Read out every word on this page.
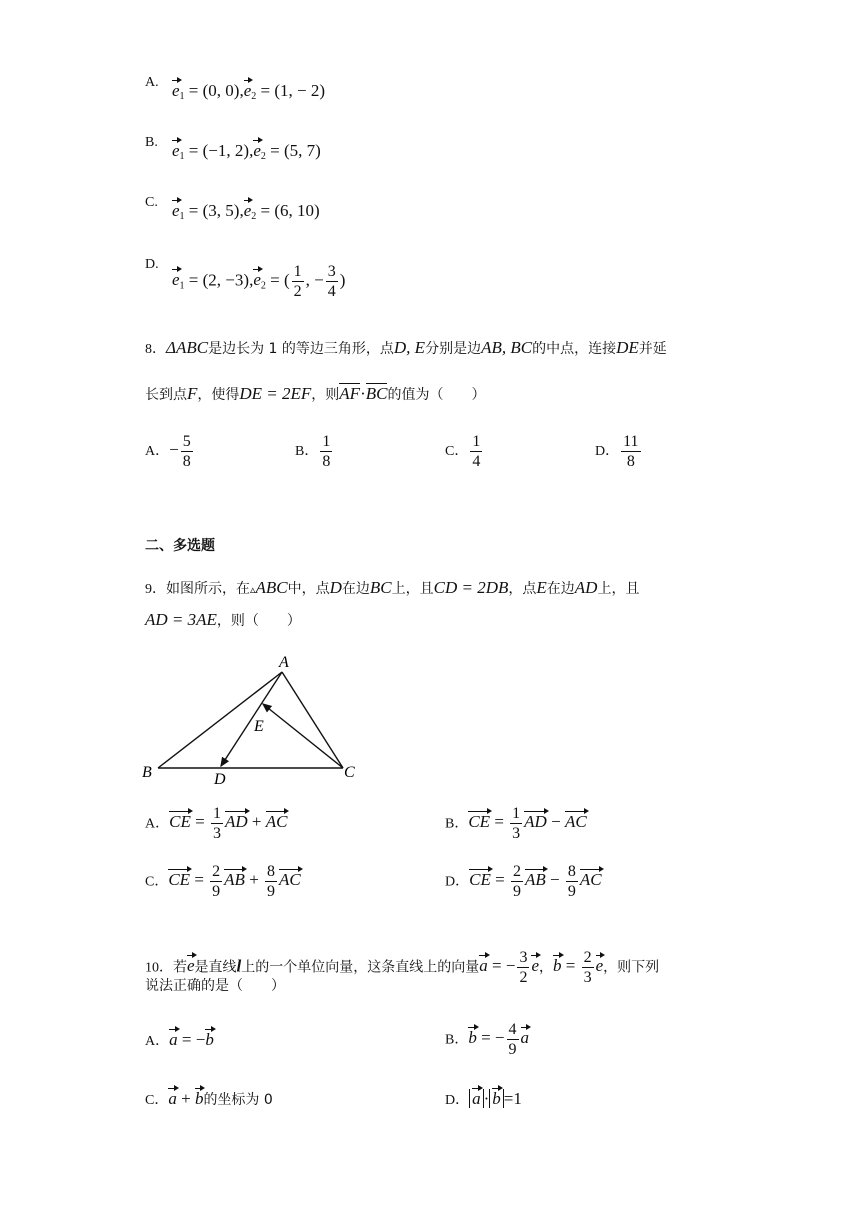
A. $e_1 = (0$, $0),e_2 = (1$, − 2)
B. $e_1 = (-1$, $2),e_2 = (5$, 7)
C. $e_1 = (3$, $5),e_2 = (6$, 10)
D.
$e_1 = (2$, $-3),e_2$ = ( $\frac{1}{2}$ , − $\frac{3}{4}$ )
8．ΔABC是边长为 1 的等边三角形，点D, E分别是边AB, BC的中点，连接DE并延
长到点F，使得DE = 2EF，则AF·BC的值为（　　）
A．− $\frac{5}{8}$	B． $\frac{1}{8}$	C． $\frac{1}{4}$	D． $\frac{11}{8}$
二、多选题
9．如图所示，在▵ABC中，点D在边BC上，且CD = 2DB，点E在边AD上，且
AD = 3AE，则（　　）
A
B	C
D
E
A．CE = $\frac{1}{3}$ AD + AC	B．CE = $\frac{1}{3}$ AD − AC
C．CE = $\frac{2}{9}$ AB + $\frac{8}{9}$ AC	D．CE = $\frac{2}{9}$ AB − $\frac{8}{9}$ AC
10．若e是直线l上的一个单位向量，这条直线上的向量a = − $\frac{3}{2}$ e，$b = \frac{2}{3}$ e，则下列
说法正确的是（　　）
A．a = −b	B．b = − $\frac{4}{9}$ a
C．a + b的坐标为 0	D． a · b =1
